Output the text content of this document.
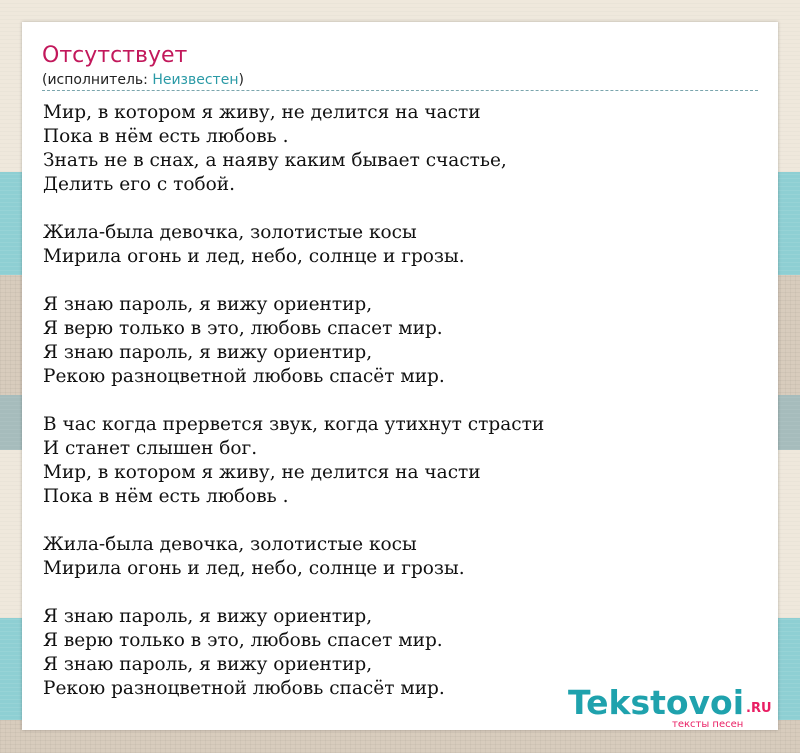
Отсутствует
(исполнитель: Неизвестен)
Мир, в котором я живу, не делится на части
Пока в нём есть любовь .
Знать не в снах, а наяву каким бывает счастье,
Делить его с тобой.
Жила-была девочка, золотистые косы
Мирила огонь и лед, небо, солнце и грозы.
Я знаю пароль, я вижу ориентир,
Я верю только в это, любовь спасет мир.
Я знаю пароль, я вижу ориентир,
Рекою разноцветной любовь спасёт мир.
В час когда прервется звук, когда утихнут страсти
И станет слышен бог.
Мир, в котором я живу, не делится на части
Пока в нём есть любовь .
Жила-была девочка, золотистые косы
Мирила огонь и лед, небо, солнце и грозы.
Я знаю пароль, я вижу ориентир,
Я верю только в это, любовь спасет мир.
Я знаю пароль, я вижу ориентир,
Рекою разноцветной любовь спасёт мир.	Tekstovoi .RU
тексты песен
